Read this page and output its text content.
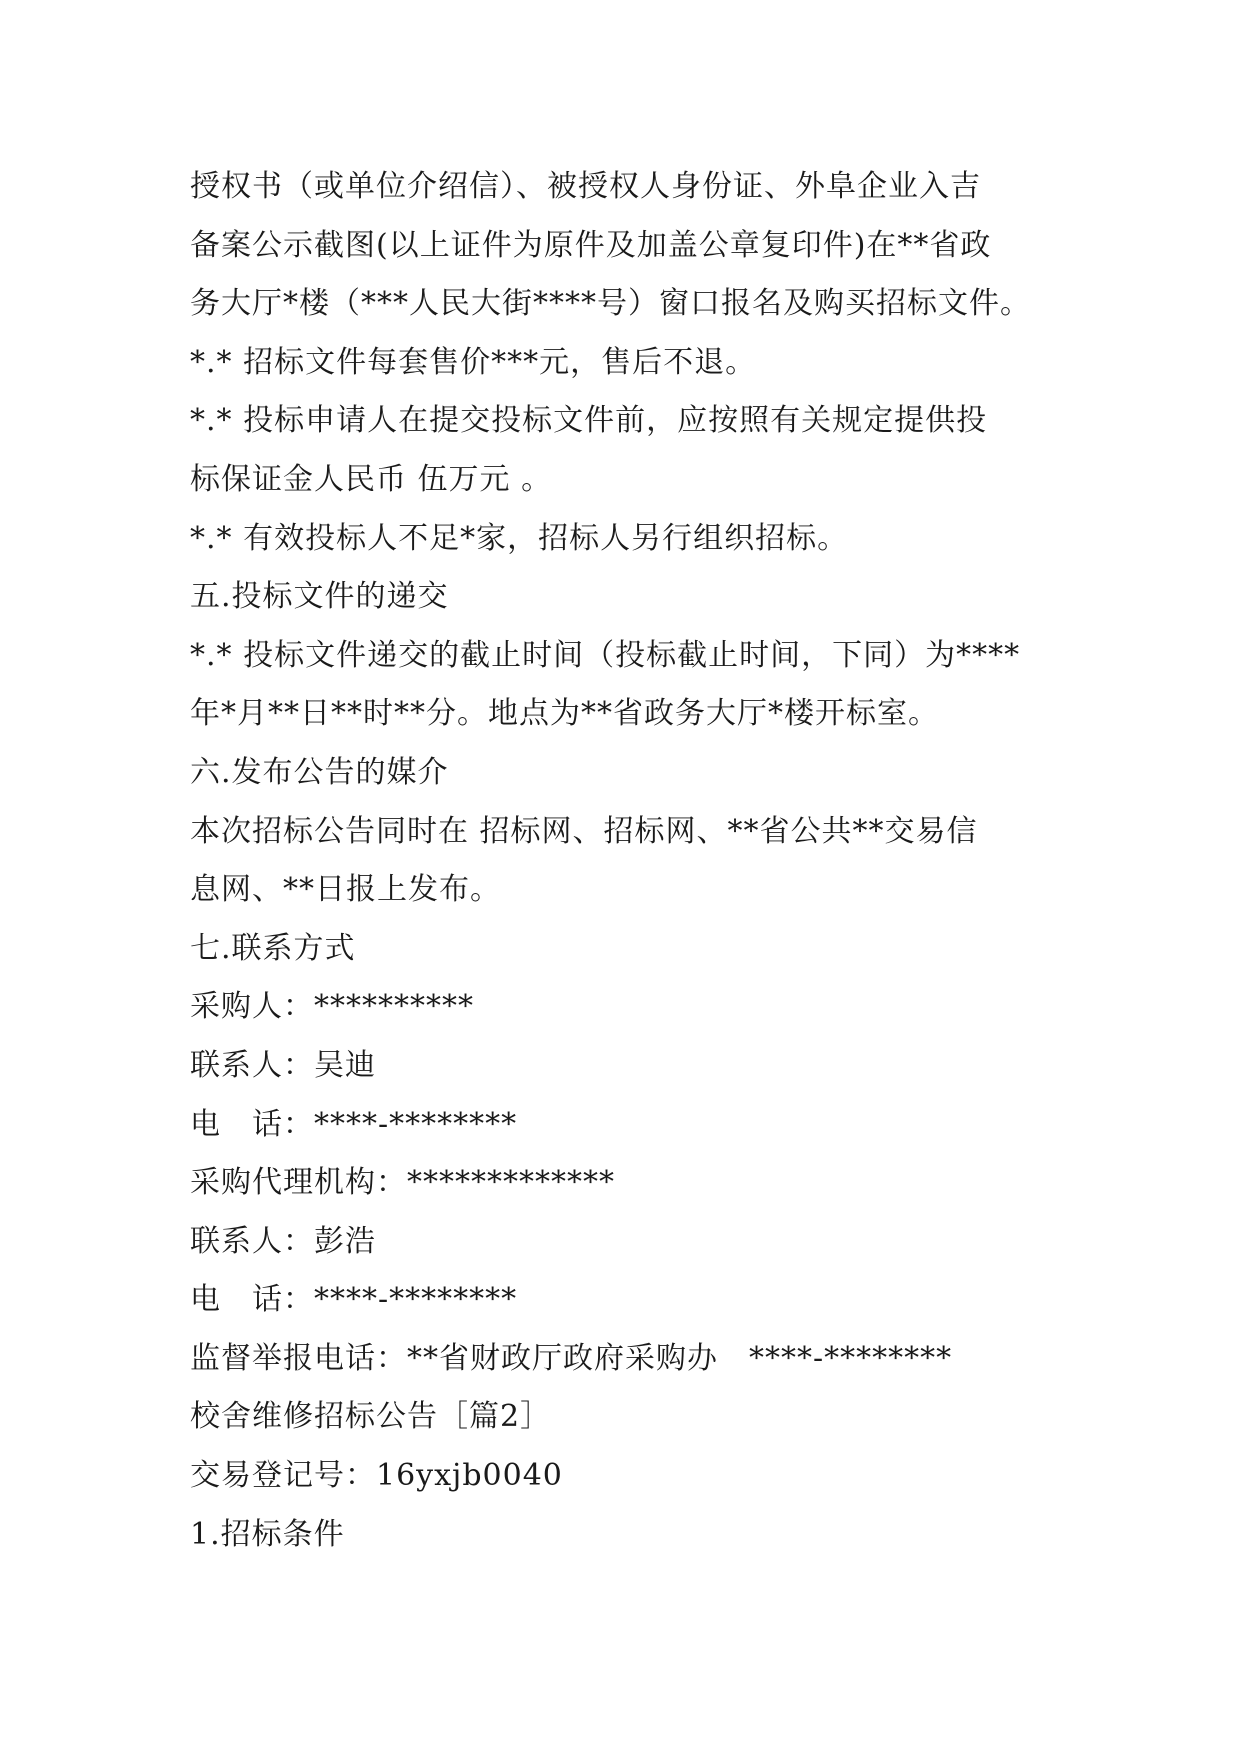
授权书（或单位介绍信）、被授权人身份证、外阜企业入吉
备案公示截图(以上证件为原件及加盖公章复印件)在**省政
务大厅*楼（***人民大街****号）窗口报名及购买招标文件。
*.* 招标文件每套售价***元，售后不退。
*.* 投标申请人在提交投标文件前，应按照有关规定提供投
标保证金人民币 伍万元 。
*.* 有效投标人不足*家，招标人另行组织招标。
五.投标文件的递交
*.* 投标文件递交的截止时间（投标截止时间，下同）为****
年*月**日**时**分。地点为**省政务大厅*楼开标室。
六.发布公告的媒介
本次招标公告同时在 招标网、招标网、**省公共**交易信
息网、**日报上发布。
七.联系方式
采购人：**********
联系人：吴迪
电　话：****-********
采购代理机构：*************
联系人：彭浩
电　话：****-********
监督举报电话：**省财政厅政府采购办　****-********
校舍维修招标公告［篇2］
交易登记号：16yxjb0040
1.招标条件
